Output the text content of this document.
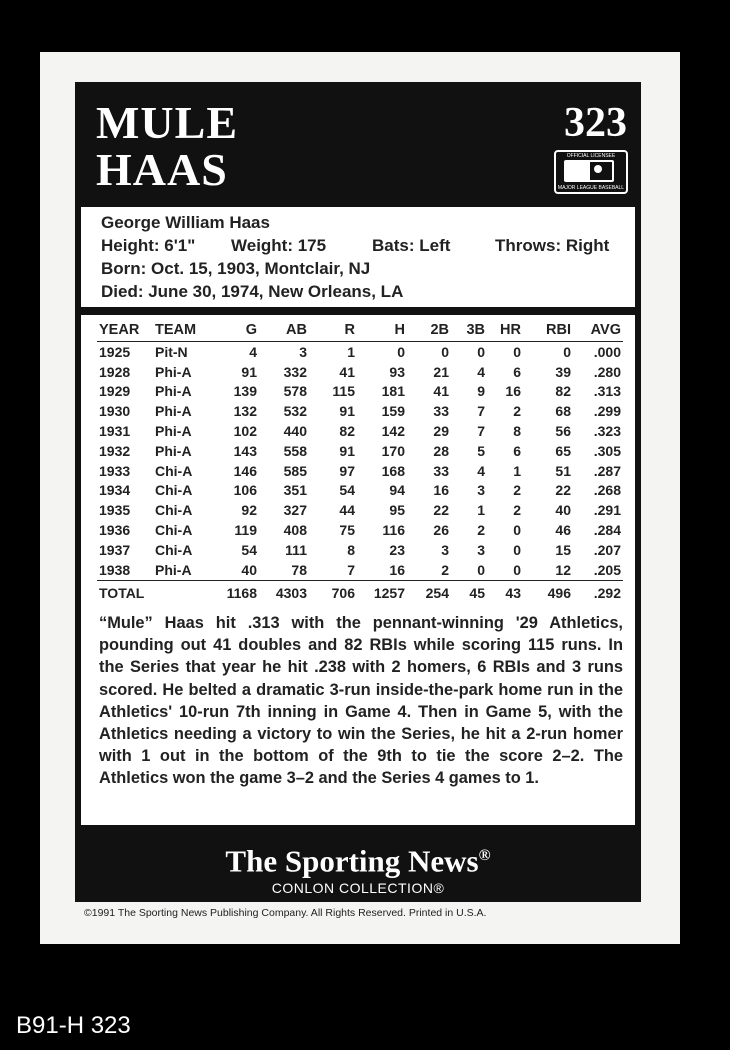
MULE
HAAS
323
OFFICIAL LICENSEE
MAJOR LEAGUE BASEBALL
George William Haas
Height: 6'1" Weight: 175	Bats: Left	Throws: Right
Born: Oct. 15, 1903, Montclair, NJ
Died: June 30, 1974, New Orleans, LA
YEAR	TEAM	G	AB	R	H	2B	3B	HR	RBI	AVG
1925	Pit-N	4	3	1	0	0	0	0	0	.000
1928	Phi-A	91	332	41	93	21	4	6	39	.280
1929	Phi-A	139	578	115	181	41	9	16	82	.313
1930	Phi-A	132	532	91	159	33	7	2	68	.299
1931	Phi-A	102	440	82	142	29	7	8	56	.323
1932	Phi-A	143	558	91	170	28	5	6	65	.305
1933	Chi-A	146	585	97	168	33	4	1	51	.287
1934	Chi-A	106	351	54	94	16	3	2	22	.268
1935	Chi-A	92	327	44	95	22	1	2	40	.291
1936	Chi-A	119	408	75	116	26	2	0	46	.284
1937	Chi-A	54	111	8	23	3	3	0	15	.207
1938	Phi-A	40	78	7	16	2	0	0	12	.205
TOTAL		1168	4303	706	1257	254	45	43	496	.292
“Mule” Haas hit .313 with the pennant-winning '29 Athletics, pounding out 41 doubles and 82 RBIs while scoring 115 runs. In the Series that year he hit .238 with 2 homers, 6 RBIs and 3 runs scored. He belted a dramatic 3-run inside-the-park home run in the Athletics' 10-run 7th inning in Game 4. Then in Game 5, with the Athletics needing a victory to win the Series, he hit a 2-run homer with 1 out in the bottom of the 9th to tie the score 2–2. The Athletics won the game 3–2 and the Series 4 games to 1.
The Sporting News®
CONLON COLLECTION®
©1991 The Sporting News Publishing Company. All Rights Reserved. Printed in U.S.A.
B91-H 323
